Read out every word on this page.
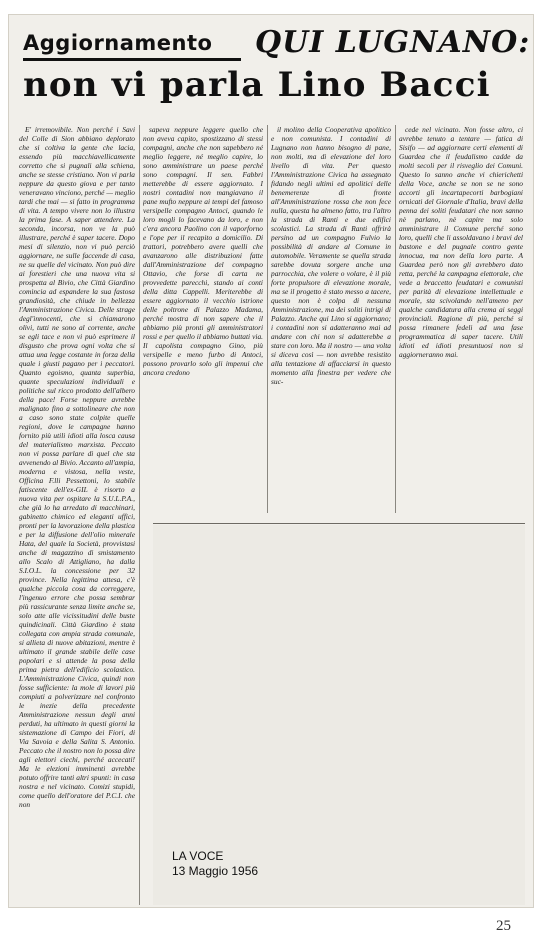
Aggiornamento QUI LUGNANO:
non vi parla Lino Bacci

E' irremovibile. Non perché i Savi del Colle di Sion abbiano deplorato che si coltiva la gente che lacia, essendo più macchiavellicamente corretto che si pugnali alla schiena, anche se stesse cristiano. Non vi parla neppure da questo giova e per tanto veneravano vinciono, perché — meglio tardi che mai — si fatto in programma di vita. A tempo vivere non lo illustra la prima fase. A saper attendere. La seconda, incorsa, non ve la può illustrare, perché è saper tacere. Dopo mesi di silenzio, non vi può perciò aggiornare, ne sulle faccende di casa, ne su quelle del vicinato. Non può dire ai forestieri che una nuova vita si prospetta al Bivio, che Città Giardino comincia ad espandere la sua fastosa grandiosità, che chiude in bellezza l'Amministrazione Civica. Delle strage degl'innocenti, che si chiamarono olivi, tutti ne sono al corrente, anche se egli tace e non vi può esprimere il disgusto che prova ogni volta che si attua una legge costante in forza della quale i giusti pagano per i peccatori. Quanto egoismo, quanta superbia, quante speculazioni individuali e politiche sul ricco prodotto dell'albero della pace! Forse neppure avrebbe malignato fino a sottolineare che non a caso sono state colpite quelle regioni, dove le campagne hanno fornito più utili idioti alla losca causa del materialismo marxista. Peccato non vi possa parlare di quel che sta avvenendo al Bivio. Accanto all'ampia, moderna e vistosa, nella veste, Officina F.lli Pessettoni, lo stabile fatiscente dell'ex-GIL è risorto a nuova vita per ospitare la S.U.L.P.A., che già lo ha arredato di macchinari, gabinetto chimico ed eleganti uffici, pronti per la lavorazione della plastica e per la diffusione dell'olio minerale Hata, del quale la Società, provvistasi anche di magazzino di smistamento allo Scalo di Attigliano, ha dalla S.I.O.L. la concessione per 32 province. Nella legittima attesa, c'è qualche piccola cosa da correggere, l'ingenuo errore che possa sembrar più rassicurante senza limite anche se, solo atte alle vicissitudini delle buste quindicinali. Città Giardino è stata collegata con ampia strada comunale, si allieta di nuove abitazioni, mentre è ultimato il grande stabile delle case popolari e si attende la posa della prima pietra dell'edificio scolastico. L'Amministrazione Civica, quindi non fosse sufficiente: la mole di lavori più compiuti a polverizzare nel confronto le inezie della precedente Amministrazione nessun degli anni perduti, ha ultimato in questi giorni la sistemazione di Campo dei Fiori, di Via Savoia e della Salita S. Antonio. Peccato che il nostro non lo possa dire agli elettori ciechi, perché accecati! Ma le elezioni imminenti avrebbe potuto offrire tanti altri spunti: in casa nostra e nel vicinato. Comizi stupidi, come quello dell'oratore del P.C.I. che non

sapeva neppure leggere quello che non aveva capito, spostizzano di stessi compagni, anche che non sapebbero né meglio leggere, né meglio capire, lo sono amministrare un paese perché sono compagni. Il sen. Fabbri metterebbe di essere aggiornato. I nostri contadini non mangiavano il pane mufto neppure ai tempi del famoso versipelle compagno Antoci, quando le loro mogli lo facevano da loro, e non c'era ancora Paolino con il vaporforno e l'ope per il recapito a domicilio. Di trattori, potrebbero avere quelli che avanzarono alle distribuzioni fatte dall'Amministrazione del compagno Ottavio, che forse di carta ne provvedette parecchi, stando ai conti della ditta Cappelli. Meriterebbe di essere aggiornato il vecchio istrione delle poltrone di Palazzo Madama, perché mostra di non sapere che il abbiamo più pronti gli amministratori rossi e per quello il abbiamo buttati via. Il capolista compagno Gino, più versipelle e meno furbo di Antoci, possono provarlo solo gli impenui che ancora credono

il molino della Cooperativa apolitico e non comunista. I contadini di Lugnano non hanno bisogno di pane, non molti, ma di elevazione del loro livello di vita. Per questo l'Amministrazione Civica ha assegnato fidando negli ultimi ed apolitici delle benemerenze di fronte all'Amministrazione rossa che non fece nulla, questa ha almeno fatto, tra l'altro la strada di Ranti e due edifici scolastici. La strada di Ranti offrirà persino ad un compagno Fulvio la possibilità di andare al Comune in automobile. Veramente se quella strada sarebbe dovuta sorgere anche una parrocchia, che volere o volare, è il più forte propulsore di elevazione morale, ma se il progetto è stato messo a tacere, questo non è colpa di nessuna Amministrazione, ma dei soliti intrigi di Palazzo. Anche qui Lino si aggiornano; i contadini non si adatteranno mai ad andare con chi non si adatterebbe a stare con loro. Ma il nostro — una volta si diceva così — non avrebbe resistito alla tentazione di affacciarsi in questo momento alla finestra per vedere che suc-

cede nel vicinato. Non fosse altro, ci avrebbe tenuto a tentare — fatica di Sisifo — ad aggiornare certi elementi di Guardea che il feudalismo cadde da molti secoli per il risveglio dei Comuni. Questo lo sanno anche vi chierichetti della Voce, anche se non se ne sono accorti gli incartapecorti barbogiani ornicati del Giornale d'Italia, bravi della penna dei soliti feudatari che non sanno nè parlano, nè capire ma solo amministrare il Comune perché sono loro, quelli che li assoldavano i bravi del bastone e del pugnale contro gente innocua, ma non della loro parte. A Guardea però non gli avrebbero dato retta, perché la campagna elettorale, che vede a braccetto feudatari e comunisti per parità di elevazione intellettuale e morale, sta scivolando nell'ameno per qualche candidatura alla crema ai seggi provinciali. Ragione di più, perché si possa rimanere fedeli ad una fase programmatica di saper tacere. Utili idioti ed idioti presuntuosi non si aggiorneranno mai.

LA VOCE
13 Maggio 1956
25
